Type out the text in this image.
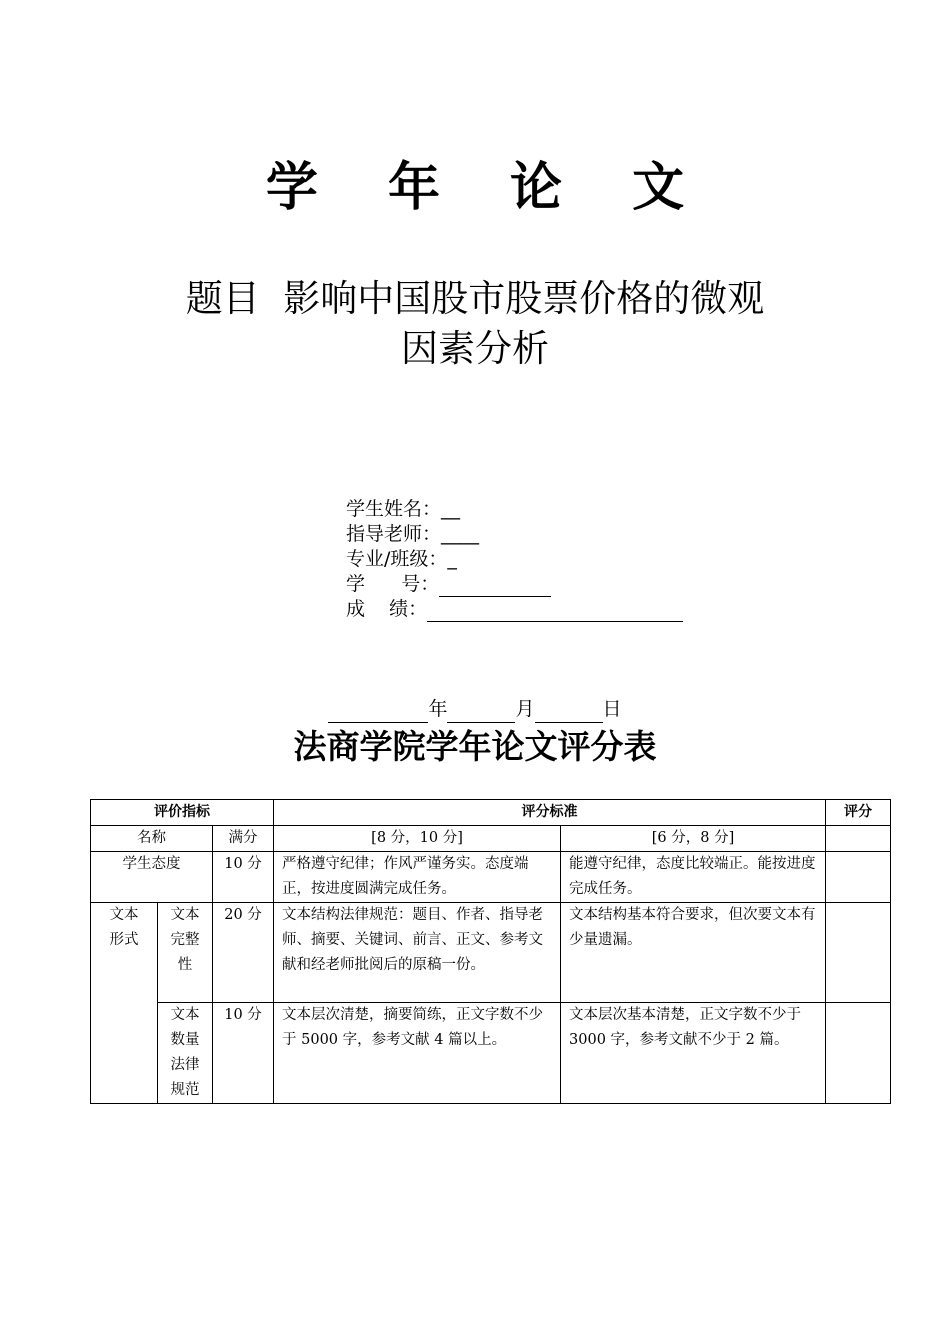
学 年 论 文
题目  影响中国股市股票价格的微观
因素分析
学生姓名：__
指导老师：____
专业/班级：_
学      号：
成    绩：
年	月	日
法商学院学年论文评分表
评价指标			评分标准		评分
名称		满分	[8 分，10 分]	[6 分，8 分]	
学生态度		10 分	严格遵守纪律；作风严谨务实。态度端正，按进度圆满完成任务。	能遵守纪律，态度比较端正。能按进度完成任务。	
文本形式	文本完整性	20 分	文本结构法律规范：题目、作者、指导老师、摘要、关键词、前言、正文、参考文献和经老师批阅后的原稿一份。	文本结构基本符合要求，但次要文本有少量遗漏。	
	文本数量法律规范	10 分	文本层次清楚，摘要简练，正文字数不少于 5000 字，参考文献 4 篇以上。	文本层次基本清楚，正文字数不少于 3000 字，参考文献不少于 2 篇。	
